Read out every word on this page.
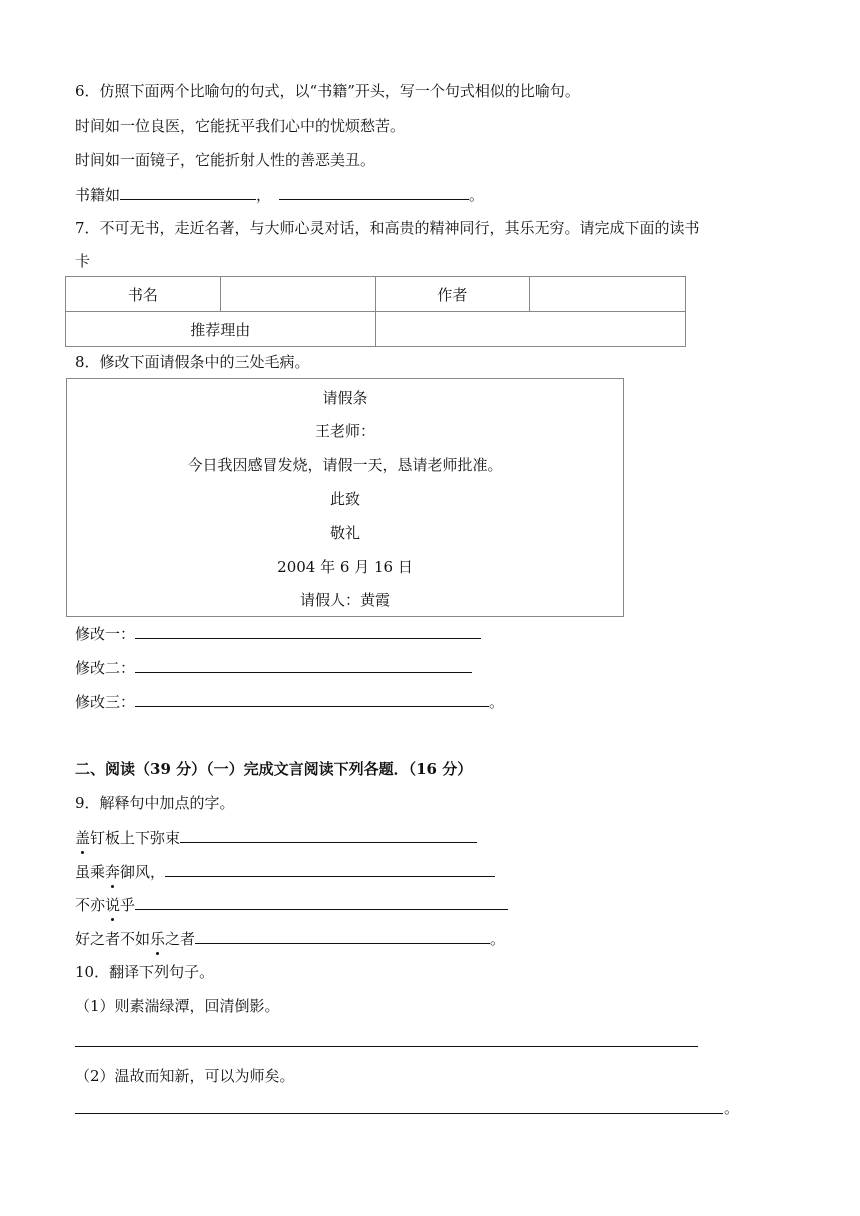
6．仿照下面两个比喻句的句式，以“书籍”开头，写一个句式相似的比喻句。
时间如一位良医，它能抚平我们心中的忧烦愁苦。
时间如一面镜子，它能折射人性的善恶美丑。
书籍如	，	。
7．不可无书，走近名著，与大师心灵对话，和高贵的精神同行，其乐无穷。请完成下面的读书
卡
书名		作者	
推荐理由			
8．修改下面请假条中的三处毛病。
请假条
王老师：
今日我因感冒发烧，请假一天，恳请老师批准。
此致
敬礼
2004 年 6 月 16 日
请假人：黄霞
修改一：
修改二：
修改三：	。
二、阅读（39 分）（一）完成文言阅读下列各题．（16 分）
9．解释句中加点的字。
盖钉板上下弥束
虽乘奔御风，
不亦说乎
好之者不如乐之者	。
10．翻译下列句子。
（1）则素湍绿潭，回清倒影。
（2）温故而知新，可以为师矣。
。
